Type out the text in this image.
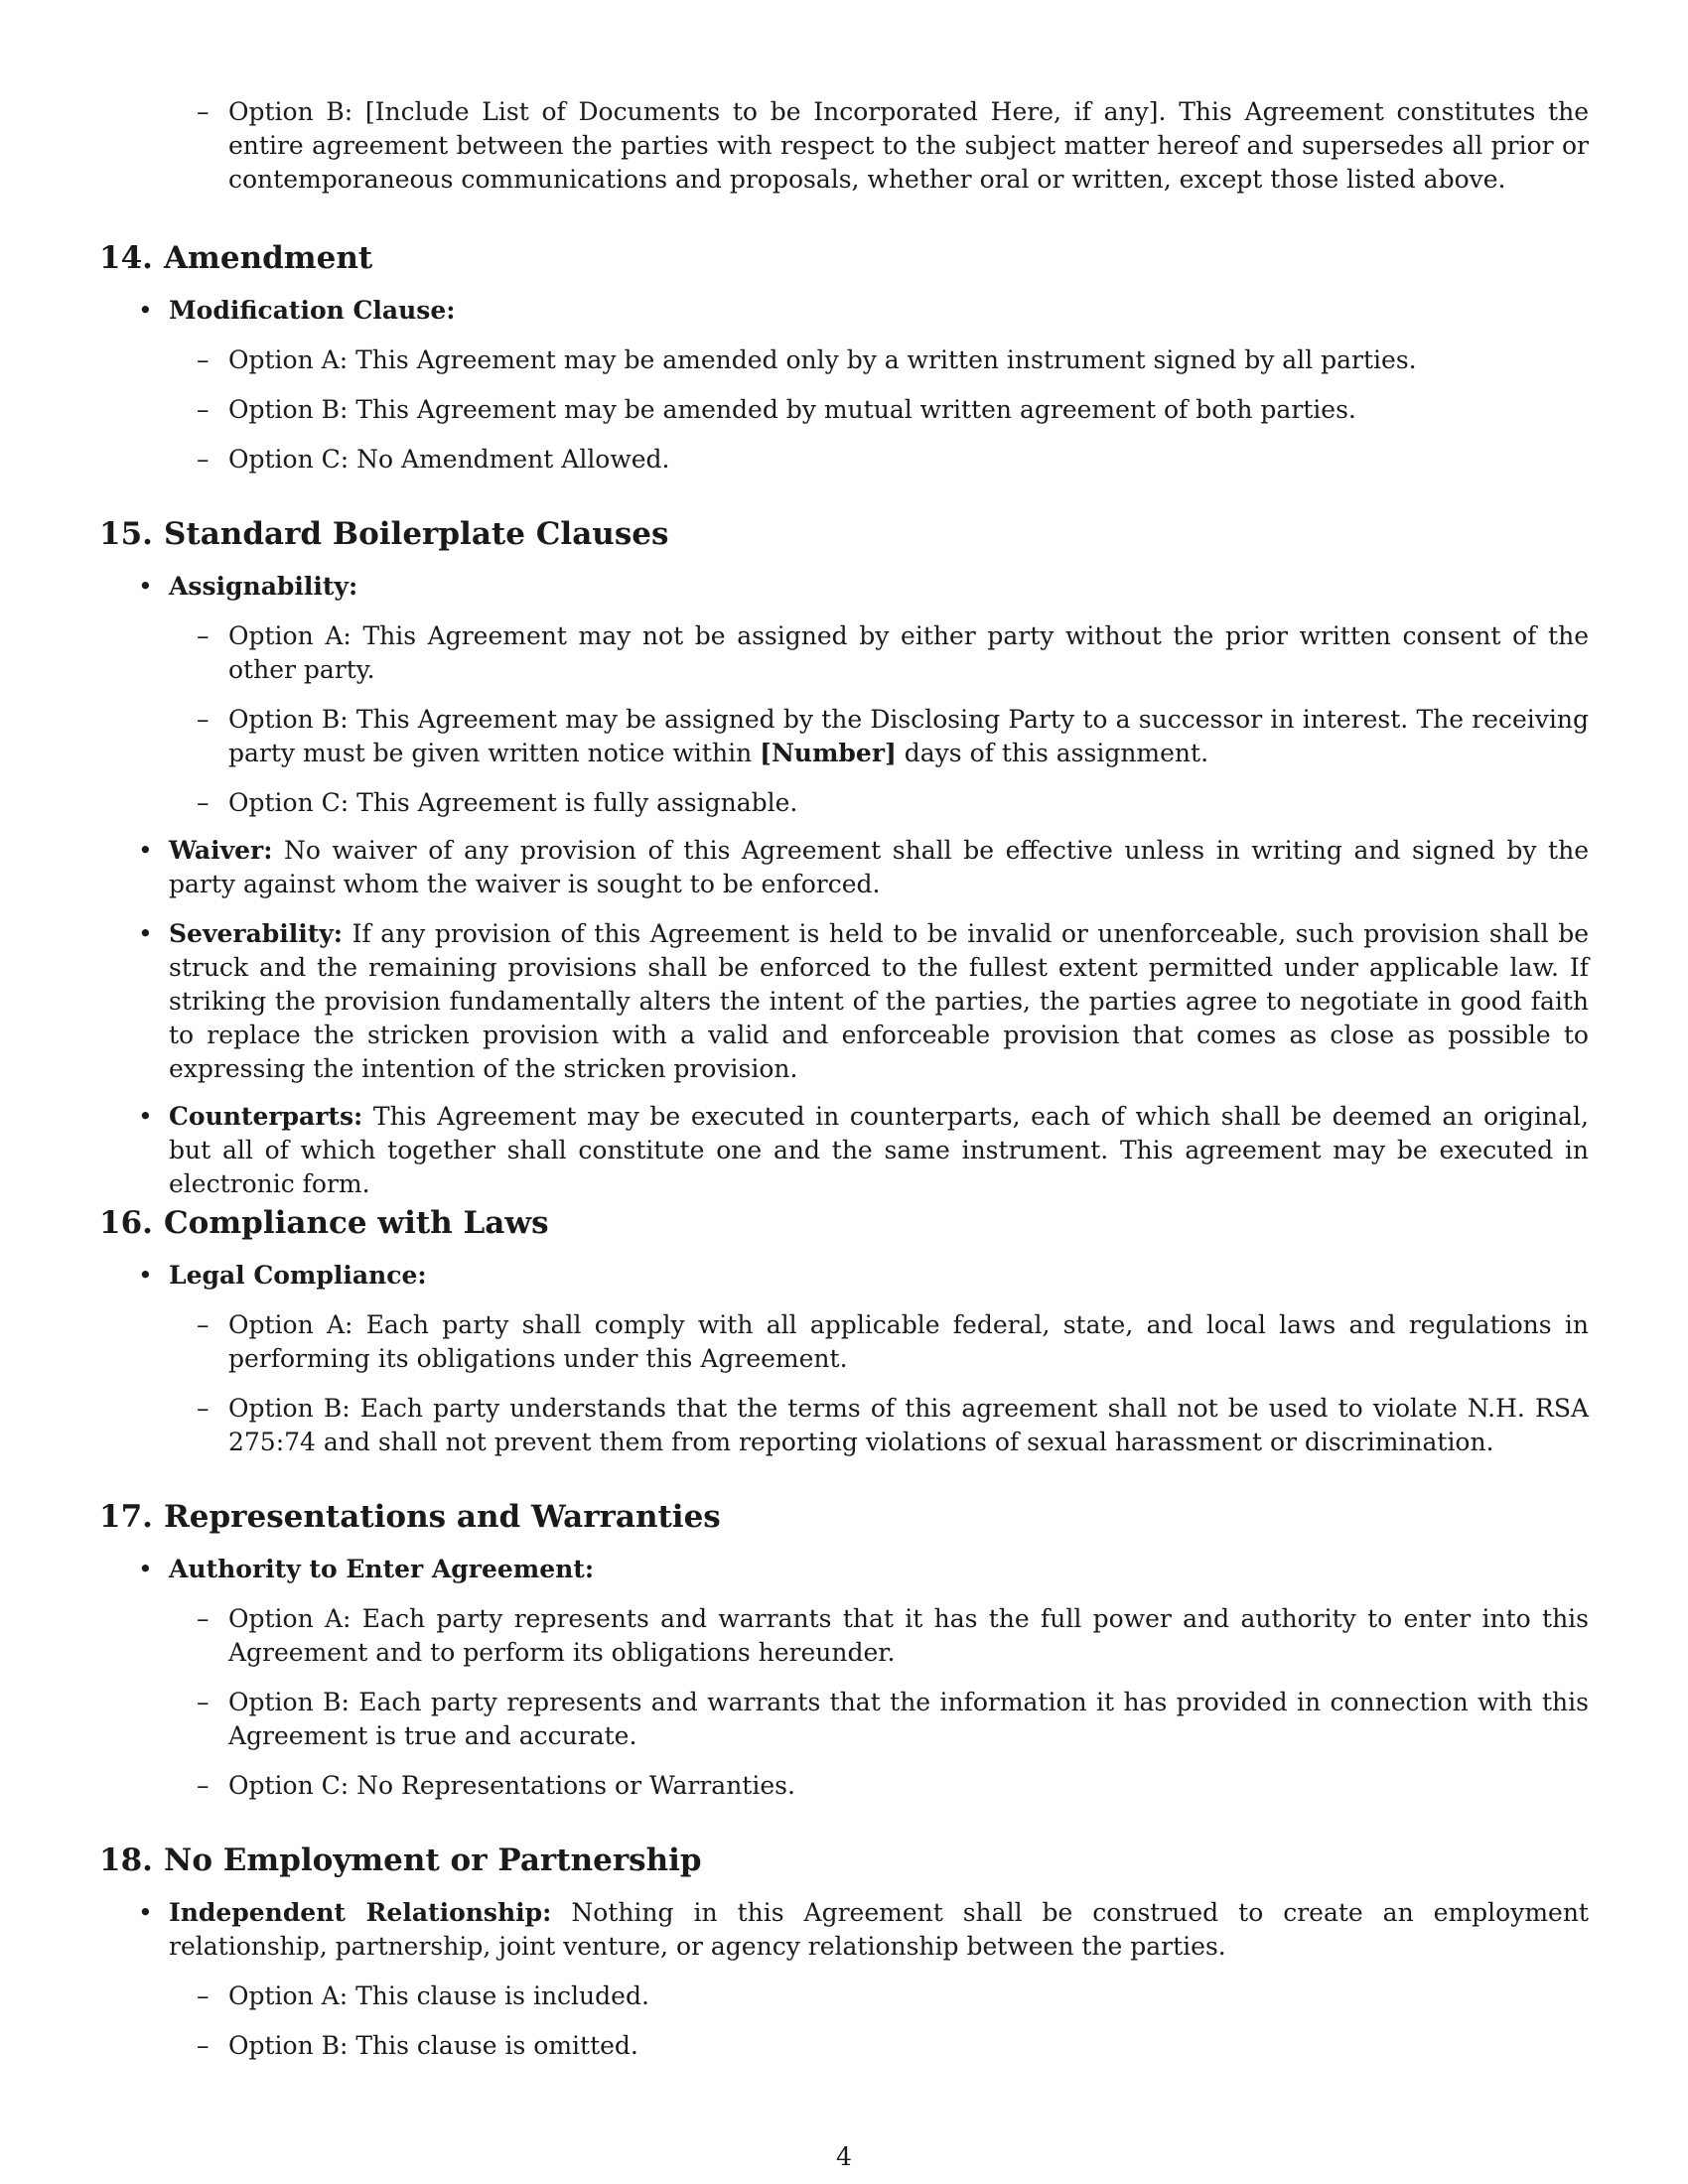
– Option B: [Include List of Documents to be Incorporated Here, if any]. This Agreement constitutes the entire agreement between the parties with respect to the subject matter hereof and supersedes all prior or contemporaneous communications and proposals, whether oral or written, except those listed above.
14. Amendment
• Modification Clause:
– Option A: This Agreement may be amended only by a written instrument signed by all parties.
– Option B: This Agreement may be amended by mutual written agreement of both parties.
– Option C: No Amendment Allowed.
15. Standard Boilerplate Clauses
• Assignability:
– Option A: This Agreement may not be assigned by either party without the prior written consent of the other party.
– Option B: This Agreement may be assigned by the Disclosing Party to a successor in interest. The receiving party must be given written notice within [Number] days of this assignment.
– Option C: This Agreement is fully assignable.
• Waiver: No waiver of any provision of this Agreement shall be effective unless in writing and signed by the party against whom the waiver is sought to be enforced.
• Severability: If any provision of this Agreement is held to be invalid or unenforceable, such provision shall be struck and the remaining provisions shall be enforced to the fullest extent permitted under applicable law. If striking the provision fundamentally alters the intent of the parties, the parties agree to negotiate in good faith to replace the stricken provision with a valid and enforceable provision that comes as close as possible to expressing the intention of the stricken provision.
• Counterparts: This Agreement may be executed in counterparts, each of which shall be deemed an original, but all of which together shall constitute one and the same instrument. This agreement may be executed in electronic form.
16. Compliance with Laws
• Legal Compliance:
– Option A: Each party shall comply with all applicable federal, state, and local laws and regulations in performing its obligations under this Agreement.
– Option B: Each party understands that the terms of this agreement shall not be used to violate N.H. RSA 275:74 and shall not prevent them from reporting violations of sexual harassment or discrimination.
17. Representations and Warranties
• Authority to Enter Agreement:
– Option A: Each party represents and warrants that it has the full power and authority to enter into this Agreement and to perform its obligations hereunder.
– Option B: Each party represents and warrants that the information it has provided in connection with this Agreement is true and accurate.
– Option C: No Representations or Warranties.
18. No Employment or Partnership
• Independent Relationship: Nothing in this Agreement shall be construed to create an employment relationship, partnership, joint venture, or agency relationship between the parties.
– Option A: This clause is included.
– Option B: This clause is omitted.
4
